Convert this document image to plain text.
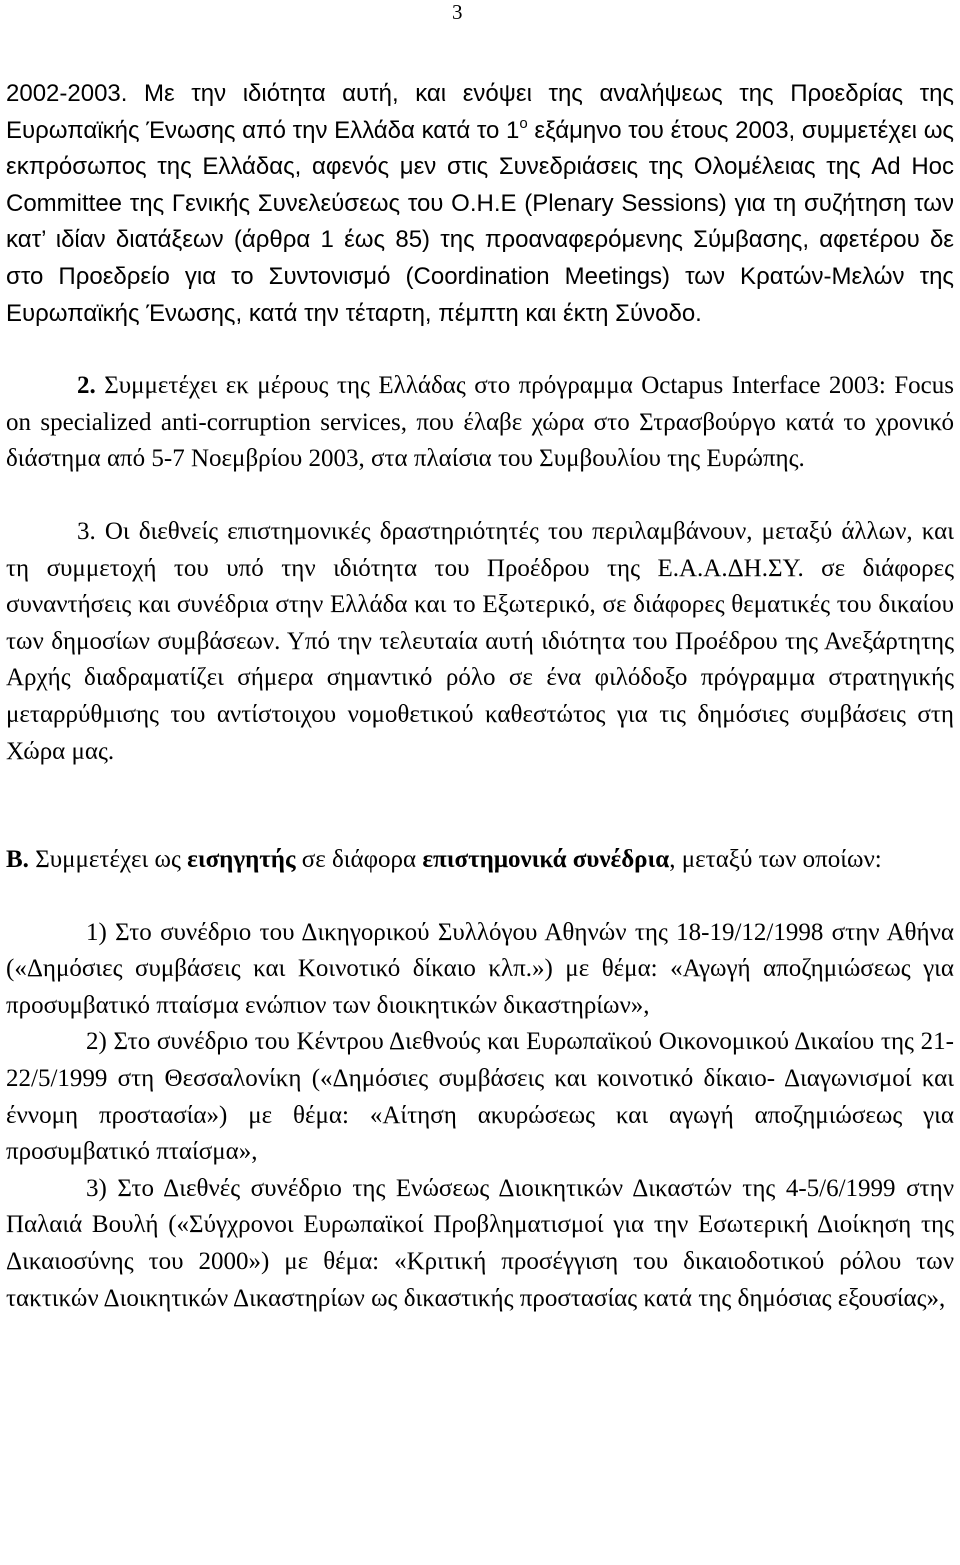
3

2002-2003. Με την ιδιότητα αυτή, και ενόψει της αναλήψεως της Προεδρίας της Ευρωπαϊκής Ένωσης από την Ελλάδα κατά το $1^o$ εξάμηνο του έτους 2003, συμμετέχει ως εκπρόσωπος της Ελλάδας, αφενός μεν στις Συνεδριάσεις της Ολομέλειας της Ad Hoc Committee της Γενικής Συνελεύσεως του Ο.Η.Ε (Plenary Sessions) για τη συζήτηση των κατ’ ιδίαν διατάξεων (άρθρα 1 έως 85) της προαναφερόμενης Σύμβασης, αφετέρου δε στο Προεδρείο για το Συντονισμό (Coordination Meetings) των Κρατών-Μελών της Ευρωπαϊκής Ένωσης, κατά την τέταρτη, πέμπτη και έκτη Σύνοδο.

2. Συμμετέχει εκ μέρους της Ελλάδας στο πρόγραμμα Octapus Interface 2003: Focus on specialized anti-corruption services, που έλαβε χώρα στο Στρασβούργο κατά το χρονικό διάστημα από 5-7 Νοεμβρίου 2003, στα πλαίσια του Συμβουλίου της Ευρώπης.

3. Οι διεθνείς επιστημονικές δραστηριότητές του περιλαμβάνουν, μεταξύ άλλων, και τη συμμετοχή του υπό την ιδιότητα του Προέδρου της Ε.Α.Α.ΔΗ.ΣΥ. σε διάφορες συναντήσεις και συνέδρια στην Ελλάδα και το Εξωτερικό, σε διάφορες θεματικές του δικαίου των δημοσίων συμβάσεων. Υπό την τελευταία αυτή ιδιότητα του Προέδρου της Ανεξάρτητης Αρχής διαδραματίζει σήμερα σημαντικό ρόλο σε ένα φιλόδοξο πρόγραμμα στρατηγικής μεταρρύθμισης του αντίστοιχου νομοθετικού καθεστώτος για τις δημόσιες συμβάσεις στη Χώρα μας.

Β. Συμμετέχει ως εισηγητής σε διάφορα επιστημονικά συνέδρια, μεταξύ των οποίων:

1) Στο συνέδριο του Δικηγορικού Συλλόγου Αθηνών της 18-19/12/1998 στην Αθήνα («Δημόσιες συμβάσεις και Κοινοτικό δίκαιο κλπ.») με θέμα: «Αγωγή αποζημιώσεως για προσυμβατικό πταίσμα ενώπιον των διοικητικών δικαστηρίων»,

2) Στο συνέδριο του Κέντρου Διεθνούς και Ευρωπαϊκού Οικονομικού Δικαίου της 21-22/5/1999 στη Θεσσαλονίκη («Δημόσιες συμβάσεις και κοινοτικό δίκαιο- Διαγωνισμοί και έννομη προστασία») με θέμα: «Αίτηση ακυρώσεως και αγωγή αποζημιώσεως για προσυμβατικό πταίσμα»,

3) Στο Διεθνές συνέδριο της Ενώσεως Διοικητικών Δικαστών της 4-5/6/1999 στην Παλαιά Βουλή («Σύγχρονοι Ευρωπαϊκοί Προβληματισμοί για την Εσωτερική Διοίκηση της Δικαιοσύνης του 2000») με θέμα: «Κριτική προσέγγιση του δικαιοδοτικού ρόλου των τακτικών Διοικητικών Δικαστηρίων ως δικαστικής προστασίας κατά της δημόσιας εξουσίας»,
